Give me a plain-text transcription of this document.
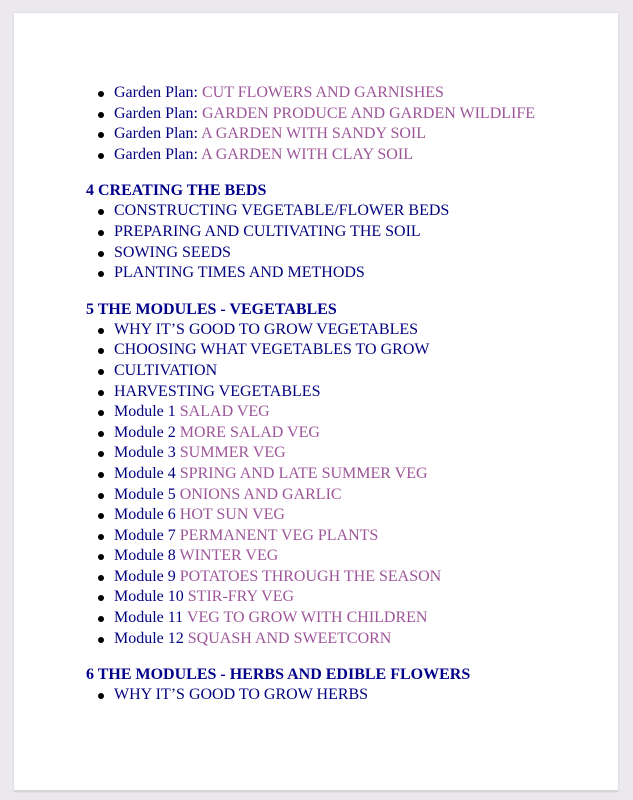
Garden Plan: CUT FLOWERS AND GARNISHES
Garden Plan: GARDEN PRODUCE AND GARDEN WILDLIFE
Garden Plan: A GARDEN WITH SANDY SOIL
Garden Plan: A GARDEN WITH CLAY SOIL
4 CREATING THE BEDS
CONSTRUCTING VEGETABLE/FLOWER BEDS
PREPARING AND CULTIVATING THE SOIL
SOWING SEEDS
PLANTING TIMES AND METHODS
5 THE MODULES - VEGETABLES
WHY IT’S GOOD TO GROW VEGETABLES
CHOOSING WHAT VEGETABLES TO GROW
CULTIVATION
HARVESTING VEGETABLES
Module 1 SALAD VEG
Module 2 MORE SALAD VEG
Module 3 SUMMER VEG
Module 4 SPRING AND LATE SUMMER VEG
Module 5 ONIONS AND GARLIC
Module 6 HOT SUN VEG
Module 7 PERMANENT VEG PLANTS
Module 8 WINTER VEG
Module 9 POTATOES THROUGH THE SEASON
Module 10 STIR-FRY VEG
Module 11 VEG TO GROW WITH CHILDREN
Module 12 SQUASH AND SWEETCORN
6 THE MODULES - HERBS AND EDIBLE FLOWERS
WHY IT’S GOOD TO GROW HERBS
